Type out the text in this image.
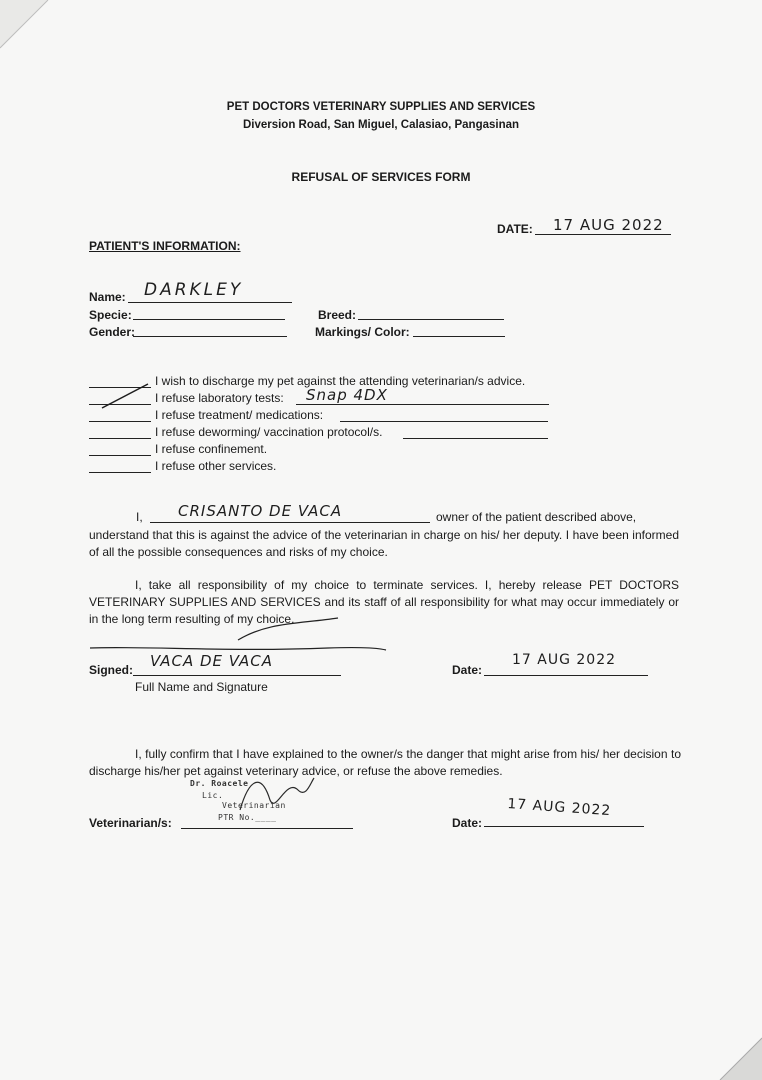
PET DOCTORS VETERINARY SUPPLIES AND SERVICES
Diversion Road, San Miguel, Calasiao, Pangasinan
REFUSAL OF SERVICES FORM
DATE: 17 AUG 2022
PATIENT'S INFORMATION:
Name: DARKLEY
Specie:	Breed:
Gender:	Markings/ Color:
I wish to discharge my pet against the attending veterinarian/s advice.
I refuse laboratory tests: Snap 4DX
I refuse treatment/ medications:
I refuse deworming/ vaccination protocol/s.
I refuse confinement.
I refuse other services.
I, CRISANTO DE VACA	owner of the patient described above,
understand that this is against the advice of the veterinarian in charge on his/ her deputy. I have been informed of all the possible consequences and risks of my choice.
I, take all responsibility of my choice to terminate services. I, hereby release PET DOCTORS VETERINARY SUPPLIES AND SERVICES and its staff of all responsibility for what may occur immediately or in the long term resulting of my choice.
Signed: VACA DE VACA
Full Name and Signature
Date:
17 AUG 2022
I, fully confirm that I have explained to the owner/s the danger that might arise from his/ her decision to discharge his/her pet against veterinary advice, or refuse the above remedies.
Dr. Roacele
Lic.
Veterinarian
PTR No.____
Veterinarian/s:	Date:
17 AUG 2022
